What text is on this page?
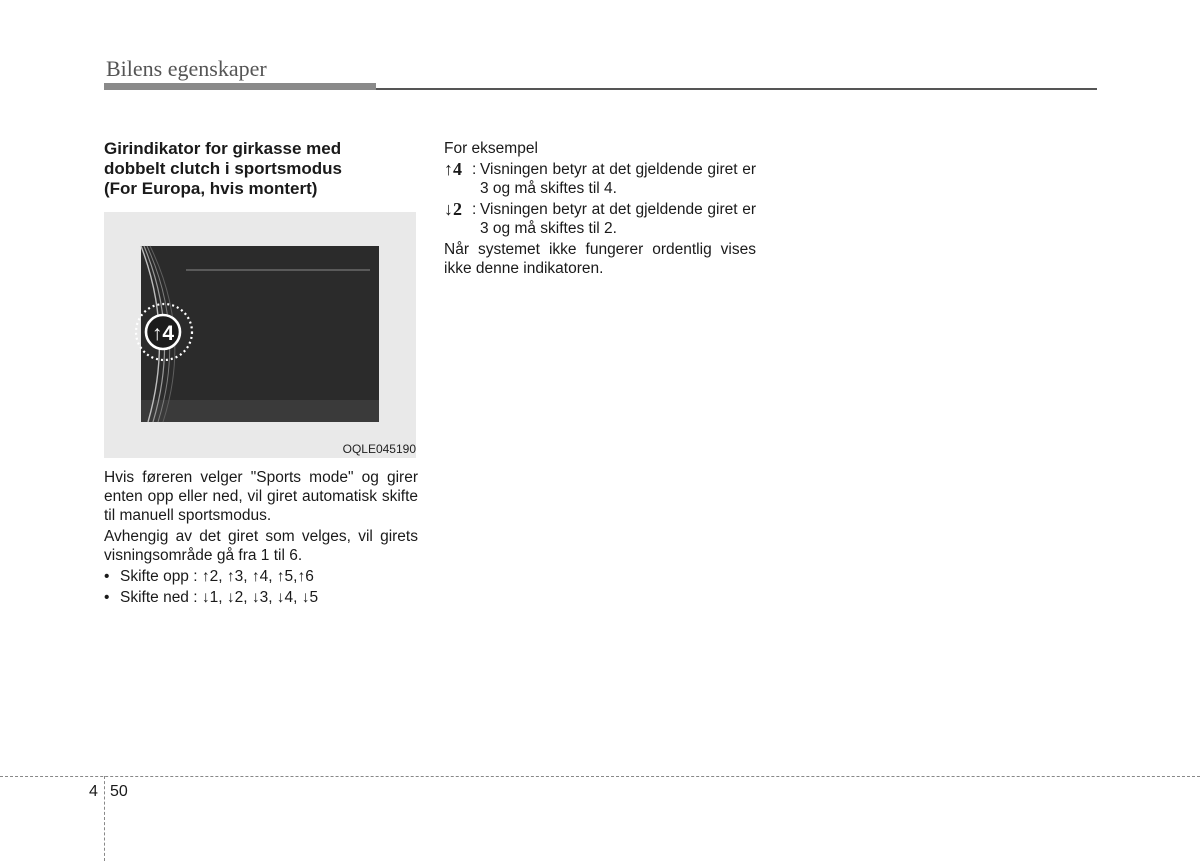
Bilens egenskaper
Girindikator for girkasse med
dobbelt clutch i sportsmodus
(For Europa, hvis montert)
↑4
OQLE045190

Hvis føreren velger "Sports mode" og girer enten opp eller ned, vil giret automatisk skifte til manuell sportsmodus.

Avhengig av det giret som velges, vil girets visningsområde gå fra 1 til 6.

• Skifte opp : ↑2, ↑3, ↑4, ↑5,↑6
• Skifte ned : ↓1, ↓2, ↓3, ↓4, ↓5
For eksempel
↑4 : Visningen betyr at det gjeldende giret er 3 og må skiftes til 4.
↓2 : Visningen betyr at det gjeldende giret er 3 og må skiftes til 2.

Når systemet ikke fungerer ordentlig vises ikke denne indikatoren.

4 50
